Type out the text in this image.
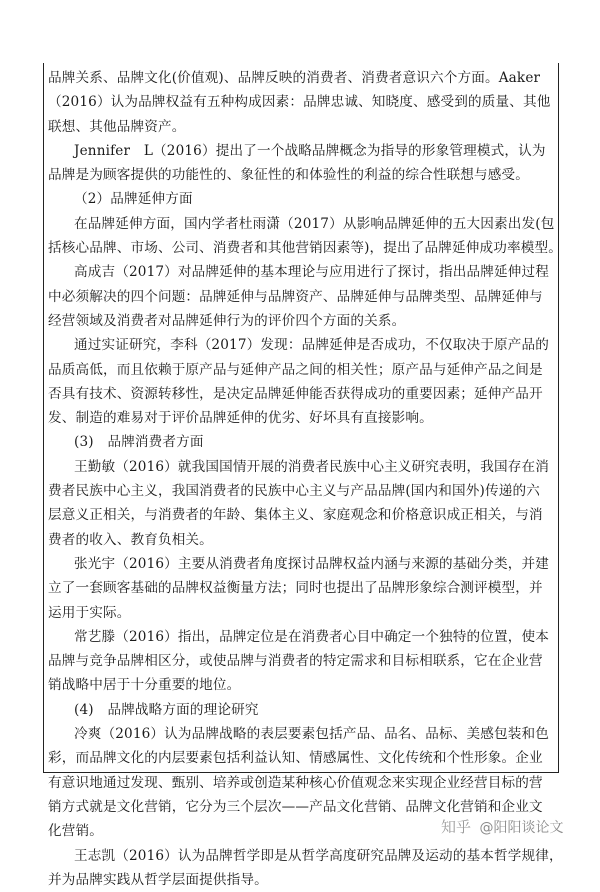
品牌关系、品牌文化(价值观)、品牌反映的消费者、消费者意识六个方面。Aaker
（2016）认为品牌权益有五种构成因素：品牌忠诚、知晓度、感受到的质量、其他
联想、其他品牌资产。
Jennifer　L（2016）提出了一个战略品牌概念为指导的形象管理模式，认为
品牌是为顾客提供的功能性的、象征性的和体验性的利益的综合性联想与感受。
（2）品牌延伸方面
在品牌延伸方面，国内学者杜雨潇（2017）从影响品牌延伸的五大因素出发(包
括核心品牌、市场、公司、消费者和其他营销因素等)，提出了品牌延伸成功率模型。
高成吉（2017）对品牌延伸的基本理论与应用进行了探讨，指出品牌延伸过程
中必须解决的四个问题：品牌延伸与品牌资产、品牌延伸与品牌类型、品牌延伸与
经营领域及消费者对品牌延伸行为的评价四个方面的关系。
通过实证研究，李科（2017）发现：品牌延伸是否成功，不仅取决于原产品的
品质高低，而且依赖于原产品与延伸产品之间的相关性；原产品与延伸产品之间是
否具有技术、资源转移性，是决定品牌延伸能否获得成功的重要因素；延伸产品开
发、制造的难易对于评价品牌延伸的优劣、好坏具有直接影响。
(3)　品牌消费者方面
王勤敏（2016）就我国国情开展的消费者民族中心主义研究表明，我国存在消
费者民族中心主义，我国消费者的民族中心主义与产品品牌(国内和国外)传递的六
层意义正相关，与消费者的年龄、集体主义、家庭观念和价格意识成正相关，与消
费者的收入、教育负相关。
张光宇（2016）主要从消费者角度探讨品牌权益内涵与来源的基础分类，并建
立了一套顾客基础的品牌权益衡量方法；同时也提出了品牌形象综合测评模型，并
运用于实际。
常艺滕（2016）指出，品牌定位是在消费者心目中确定一个独特的位置，使本
品牌与竞争品牌相区分，或使品牌与消费者的特定需求和目标相联系，它在企业营
销战略中居于十分重要的地位。
(4)　品牌战略方面的理论研究
冷爽（2016）认为品牌战略的表层要素包括产品、品名、品标、美感包装和色
彩，而品牌文化的内层要素包括利益认知、情感属性、文化传统和个性形象。企业
有意识地通过发现、甄别、培养或创造某种核心价值观念来实现企业经营目标的营
销方式就是文化营销，它分为三个层次——产品文化营销、品牌文化营销和企业文
化营销。
王志凯（2016）认为品牌哲学即是从哲学高度研究品牌及运动的基本哲学规律，
并为品牌实践从哲学层面提供指导。
知乎 @阳阳谈论文
